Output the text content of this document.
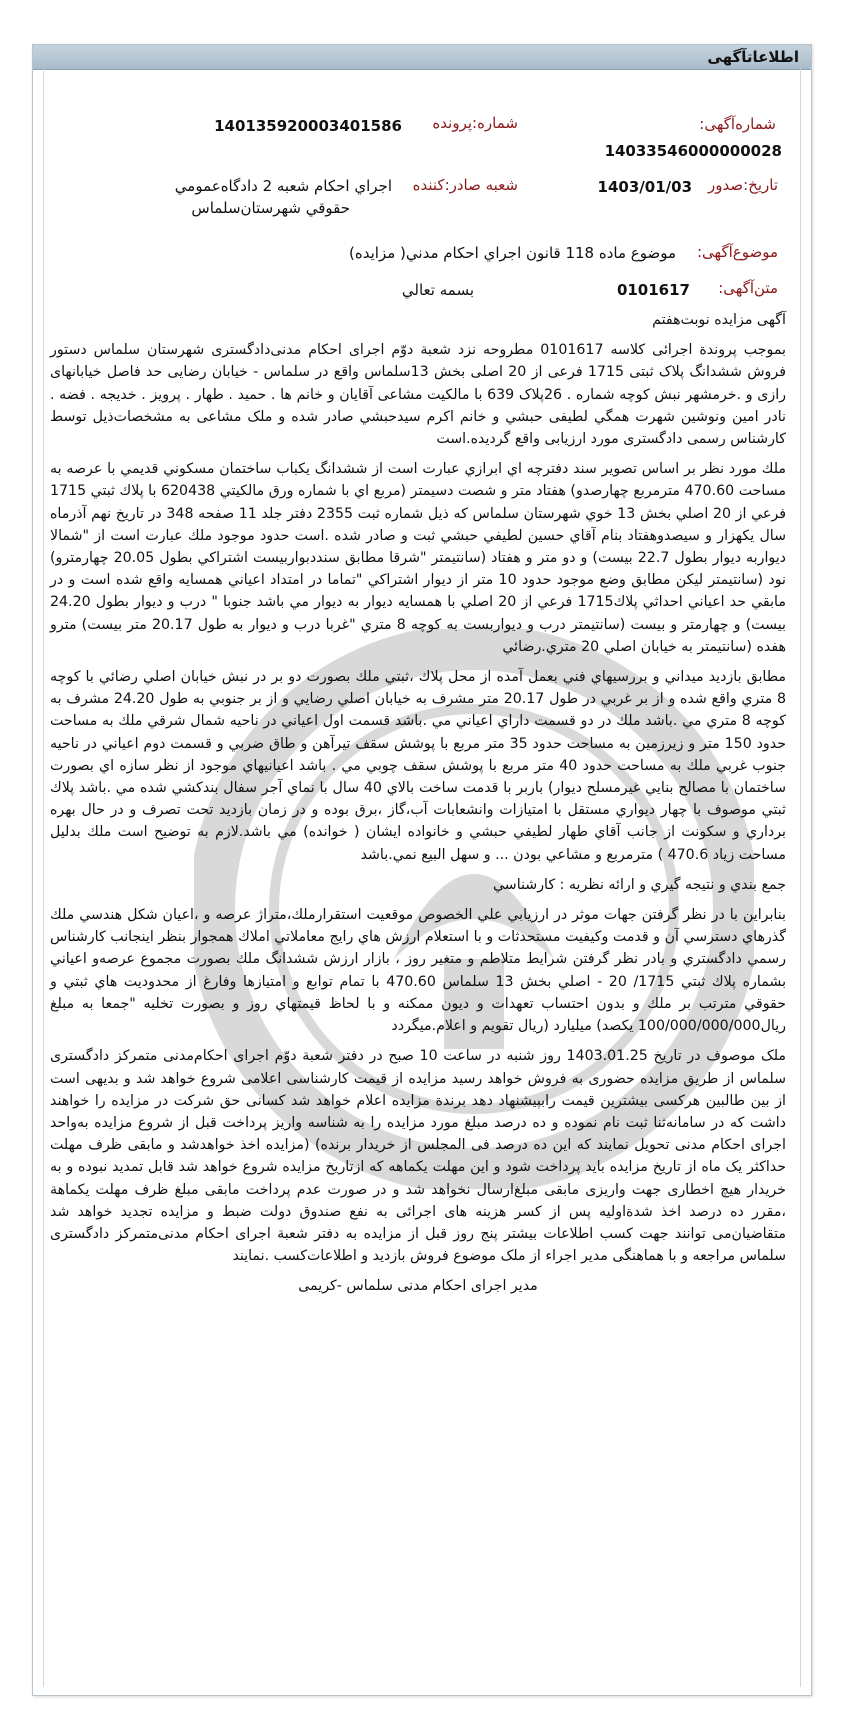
اطلاعاتآگهی
شماره‌آگهی:
14033546000000028
شماره:پرونده
140135920003401586
تاریخ:صدور
1403/01/03
شعبه صادر:کننده
اجراي احكام شعبه 2 دادگاه‌عمومي
حقوقي شهرستان‌سلماس
موضوع‌آگهی:
موضوع ماده 118 قانون اجراي احكام مدني( مزايده)
متن‌آگهی:
0101617
بسمه تعالي

آگهی مزایده نوبت‌هفتم

بموجب پروندة اجرائی کلاسه 0101617 مطروحه نزد شعبة دوّم اجرای احکام مدنی‌دادگستری شهرستان سلماس دستور فروش ششدانگ پلاک ثبتی 1715 فرعی از 20 اصلی بخش 13سلماس واقع در سلماس - خیابان رضایی حد فاصل خیابانهای رازی و .خرمشهر نبش کوچه شماره . 26پلاک 639 با مالکیت مشاعی آقایان و خانم ها . حمید . طهار . پرویز . خدیجه . فضه . نادر امین ونوشین شهرت همگي لطیفی حبشي و خانم اکرم سیدحبشي صادر شده و ملک مشاعی به مشخصات‌ذیل توسط کارشناس رسمی دادگستری مورد ارزیابی واقع گردیده.است

ملك مورد نظر بر اساس تصوير سند دفترچه اي ابرازي عبارت است از ششدانگ يكباب ساختمان مسكوني قديمي با عرصه به مساحت 470.60 مترمربع چهارصدو) هفتاد متر و شصت دسيمتر (مربع اي با شماره ورق مالكيتي 620438 با پلاك ثبتي 1715 فرعي از 20 اصلي بخش 13 خوي شهرستان سلماس كه ذيل شماره ثبت 2355 دفتر جلد 11 صفحه 348 در تاريخ نهم آذرماه سال يكهزار و سيصدوهفتاد بنام آقاي حسين لطيفي حبشي ثبت و صادر شده .است حدود موجود ملك عبارت است از "شمالا ديواربه ديوار بطول 22.7 بيست) و دو متر و هفتاد (سانتيمتر "شرقا مطابق سنددبواربيست اشتراكي بطول 20.05 چهارمترو) نود (سانتيمتر ليكن مطابق وضع موجود حدود 10 متر از ديوار اشتراكي "تماما در امتداد اعياني همسايه واقع شده است و در مابقي حد اعياني احداثي پلاك1715 فرعي از 20 اصلي با همسايه ديوار به ديوار مي باشد جنوبا " درب و ديوار بطول 24.20 بيست) و چهارمتر و بيست (سانتيمتر درب و ديواربست به كوچه 8 متري "غربا درب و ديوار به طول 20.17 متر بيست) مترو هفده (سانتيمتر به خيابان اصلي 20 متري.رضائي

مطابق بازديد ميداني و بررسيهاي فني بعمل آمده از محل پلاك ،ثبتي ملك بصورت دو بر در نبش خيابان اصلي رضائي با كوچه 8 متري واقع شده و از بر غربي در طول 20.17 متر مشرف به خيابان اصلي رضايي و از بر جنوبي به طول 24.20 مشرف به كوچه 8 متري مي .باشد ملك در دو قسمت داراي اعياني مي .باشد قسمت اول اعياني در ناحيه شمال شرقي ملك به مساحت حدود 150 متر و زيرزمين به مساحت حدود 35 متر مربع با پوشش سقف تيرآهن و طاق ضربي و قسمت دوم اعياني در ناحيه جنوب غربي ملك به مساحت حدود 40 متر مربع با پوشش سقف چوبي مي . باشد اعيانيهاي موجود از نظر سازه اي بصورت ساختمان با مصالح بنايي غيرمسلح ديوار) باربر با قدمت ساخت بالاي 40 سال با نماي آجر سفال بندكشي شده مي .باشد پلاك ثبتي موصوف با چهار ديواري مستقل با امتيازات وانشعابات آب،گاز ،برق بوده و در زمان بازديد تحت تصرف و در حال بهره برداري و سكونت از جانب آقاي طهار لطيفي حبشي و خانواده ايشان ( خوانده) مي باشد.لازم به توضيح است ملك بدليل مساحت زياد 470.6 ) مترمربع و مشاعي بودن ... و سهل البيع نمي.باشد

جمع بندي و نتيجه گيري و ارائه نظريه : كارشناسي

بنابراين با در نظر گرفتن جهات موثر در ارزيابي علي الخصوص موقعيت استقرارملك،متراژ عرصه و ،اعيان شكل هندسي ملك گذرهاي دسترسي آن و قدمت وكيفيت مستحدثات و با استعلام ارزش هاي رايج معاملاتي املاك همجوار بنظر اينجانب كارشناس رسمي دادگستري و بادر نظر گرفتن شرايط متلاطم و متغير روز ، بازار ارزش ششدانگ ملك بصورت مجموع عرصه‌و اعياني بشماره پلاك ثبتي 1715/ 20 - اصلي بخش 13 سلماس 470.60 با تمام توابع و امتيازها وفارغ از محدوديت هاي ثبتي و حقوقي مترتب بر ملك و بدون احتساب تعهدات و ديون ممكنه و با لحاظ قيمتهاي روز و بصورت تخليه "جمعا به مبلغ ريال100/000/000/000 يكصد) ميليارد (ريال تقويم و اعلام.ميگردد

ملک موصوف در تاریخ 1403.01.25 روز شنبه در ساعت 10 صبح در دفتر شعبة دوّم اجرای احکام‌مدنی متمرکز دادگستری سلماس از طریق مزایده حضوری به فروش خواهد رسید مزایده از قیمت کارشناسی اعلامی شروع خواهد شد و بدیهی است از بین طالبین هرکسی بیشترین قیمت رابپیشنهاد دهد برندة مزایده اعلام خواهد شد کسانی حق شرکت در مزایده را خواهند داشت که در سامانه‌ثنا ثبت نام نموده و ده درصد مبلغ مورد مزایده را به شناسه واریز پرداخت قبل از شروع مزایده به‌واحد اجرای احکام مدنی تحویل نمایند که این ده درصد فی المجلس از خریدار برنده) (مزایده اخذ خواهدشد و مابقی ظرف مهلت حداکثر یک ماه از تاریخ مزایده باید پرداخت شود و این مهلت یکماهه که ازتاریخ مزایده شروع خواهد شد قابل تمدید نبوده و به خریدار هیچ اخطاری جهت واریزی مابقی مبلغ‌ارسال نخواهد شد و در صورت عدم پرداخت مابقی مبلغ ظرف مهلت یکماهة ،مقرر ده درصد اخذ شدة‌اولیه پس از کسر هزینه های اجرائی به نفع صندوق دولت ضبط و مزایده تجدید خواهد شد متقاضیان‌می توانند جهت کسب اطلاعات بیشتر پنج روز قبل از مزایده به دفتر شعبة اجرای احکام مدنی‌متمرکز دادگستری سلماس مراجعه و با هماهنگی مدیر اجراء از ملک موضوع فروش بازدید و اطلاعات‌کسب .نمایند

مدیر اجرای احکام مدنی سلماس -کریمی
